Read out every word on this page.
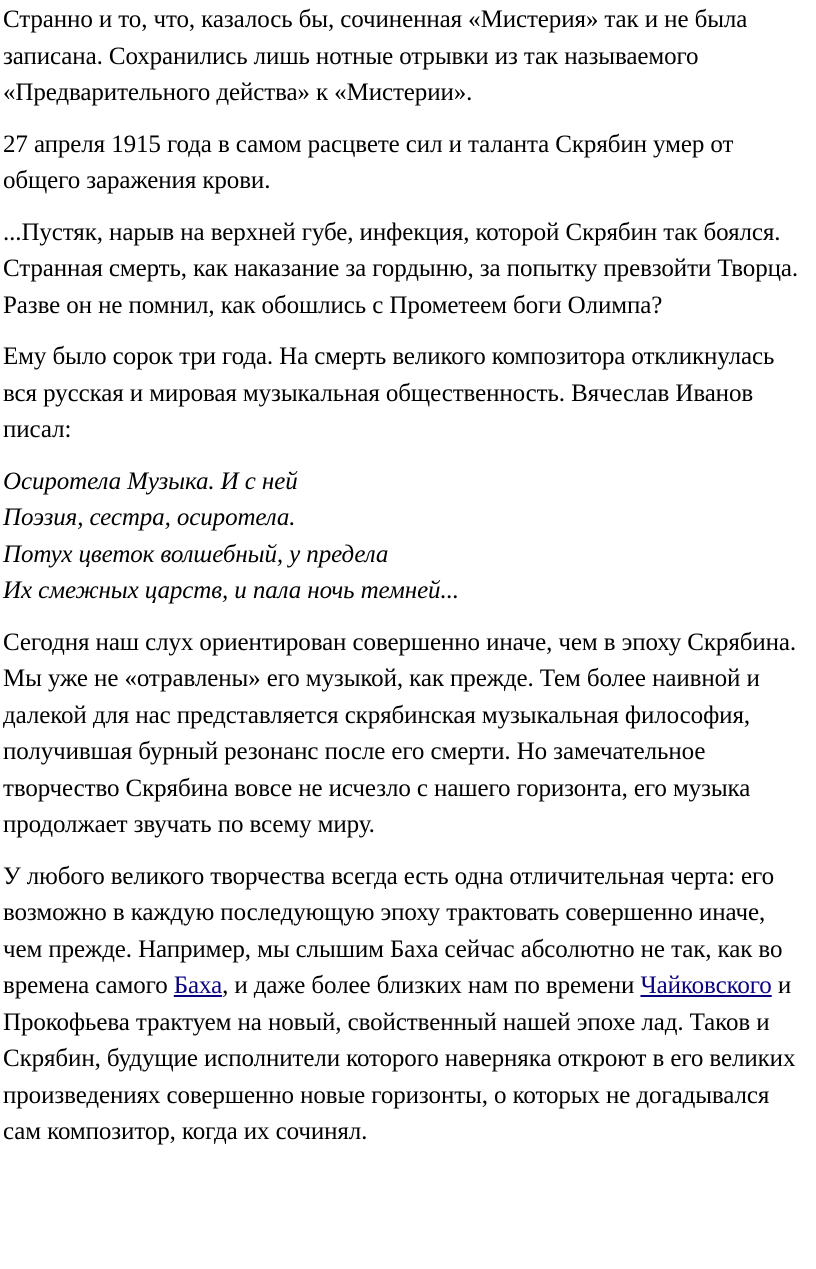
Странно и то, что, казалось бы, сочиненная «Мистерия» так и не была записана. Сохранились лишь нотные отрывки из так называемого «Предварительного действа» к «Мистерии».

27 апреля 1915 года в самом расцвете сил и таланта Скрябин умер от общего заражения крови.

...Пустяк, нарыв на верхней губе, инфекция, которой Скрябин так боялся. Странная смерть, как наказание за гордыню, за попытку превзойти Творца. Разве он не помнил, как обошлись с Прометеем боги Олимпа?

Ему было сорок три года. На смерть великого композитора откликнулась вся русская и мировая музыкальная общественность. Вячеслав Иванов писал:

Осиротела Музыка. И с ней
Поэзия, сестра, осиротела.
Потух цветок волшебный, у предела
Их смежных царств, и пала ночь темней...

Сегодня наш слух ориентирован совершенно иначе, чем в эпоху Скрябина. Мы уже не «отравлены» его музыкой, как прежде. Тем более наивной и далекой для нас представляется скрябинская музыкальная философия, получившая бурный резонанс после его смерти. Но замечательное творчество Скрябина вовсе не исчезло с нашего горизонта, его музыка продолжает звучать по всему миру.

У любого великого творчества всегда есть одна отличительная черта: его возможно в каждую последующую эпоху трактовать совершенно иначе, чем прежде. Например, мы слышим Баха сейчас абсолютно не так, как во времена самого Баха, и даже более близких нам по времени Чайковского и Прокофьева трактуем на новый, свойственный нашей эпохе лад. Таков и Скрябин, будущие исполнители которого наверняка откроют в его великих произведениях совершенно новые горизонты, о которых не догадывался сам композитор, когда их сочинял.
